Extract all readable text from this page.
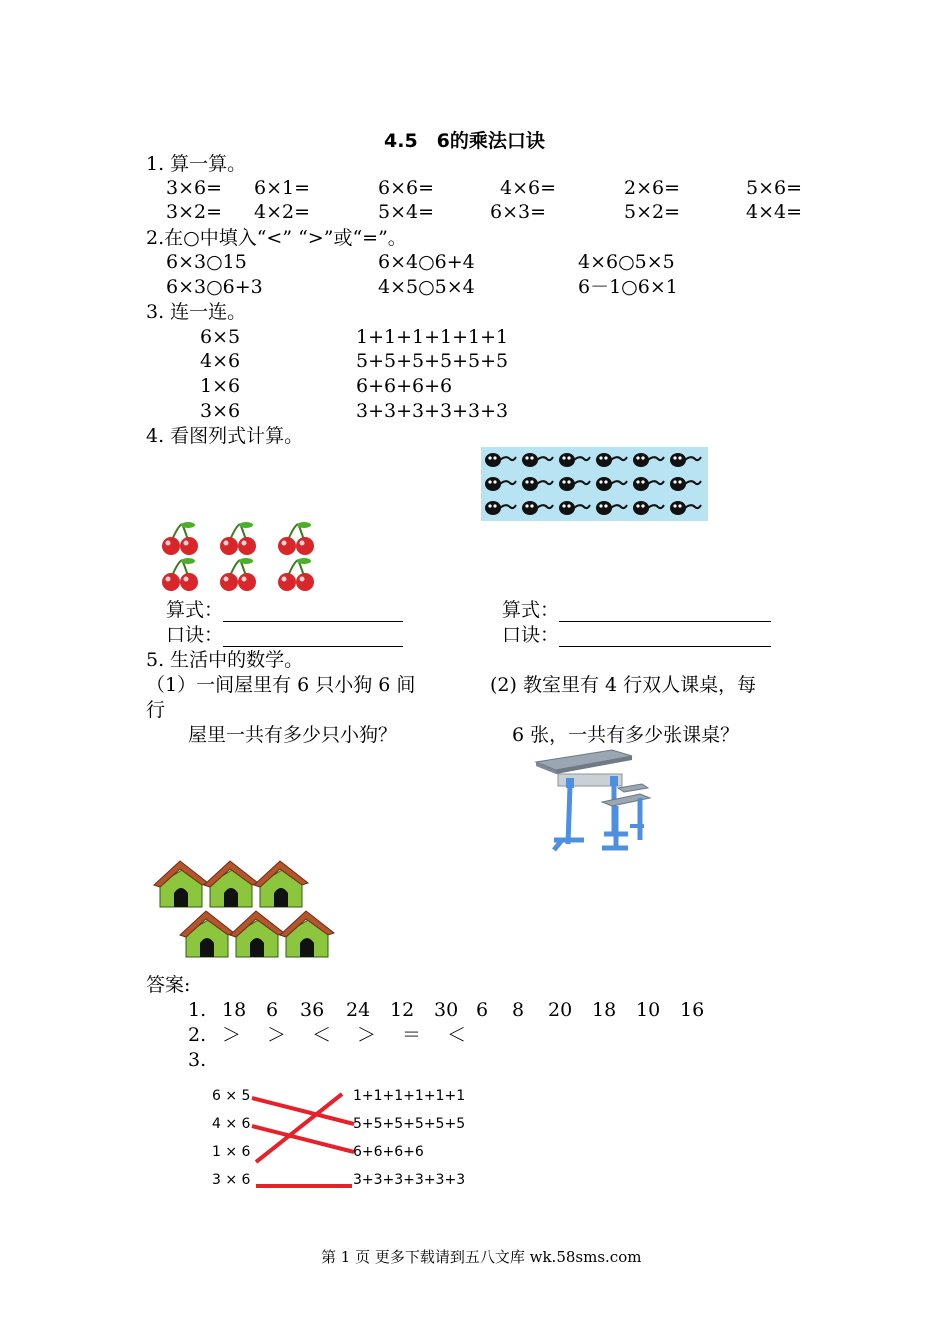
4.5　6的乘法口诀
1. 算一算。
3×6= 6×1=	6×6=	4×6=	2×6=	5×6=
3×2= 4×2=	5×4=	6×3=	5×2=	4×4=
2.在○中填入“<” “>”或“=”。
6×3○15	6×4○6+4	4×6○5×5
6×3○6+3	4×5○5×4	6－1○6×1
3. 连一连。
6×5
4×6
1×6
3×6
1+1+1+1+1+1
5+5+5+5+5+5
6+6+6+6
3+3+3+3+3+3
4. 看图列式计算。
算式：
口诀：
算式：
口诀：
5. 生活中的数学。
（1）一间屋里有 6 只小狗 6 间	(2) 教室里有 4 行双人课桌，每
行
屋里一共有多少只小狗？	6 张，一共有多少张课桌？
答案:
1. 18 6 36 24 12 30 6 8 20 18 10 16
2. ＞ ＞ ＜ ＞ ＝ ＜
3.
6 × 5
4 × 6
1 × 6
3 × 6
1+1+1+1+1+1
5+5+5+5+5+5
6+6+6+6
3+3+3+3+3+3
第 1 页 更多下载请到五八文库 wk.58sms.com
